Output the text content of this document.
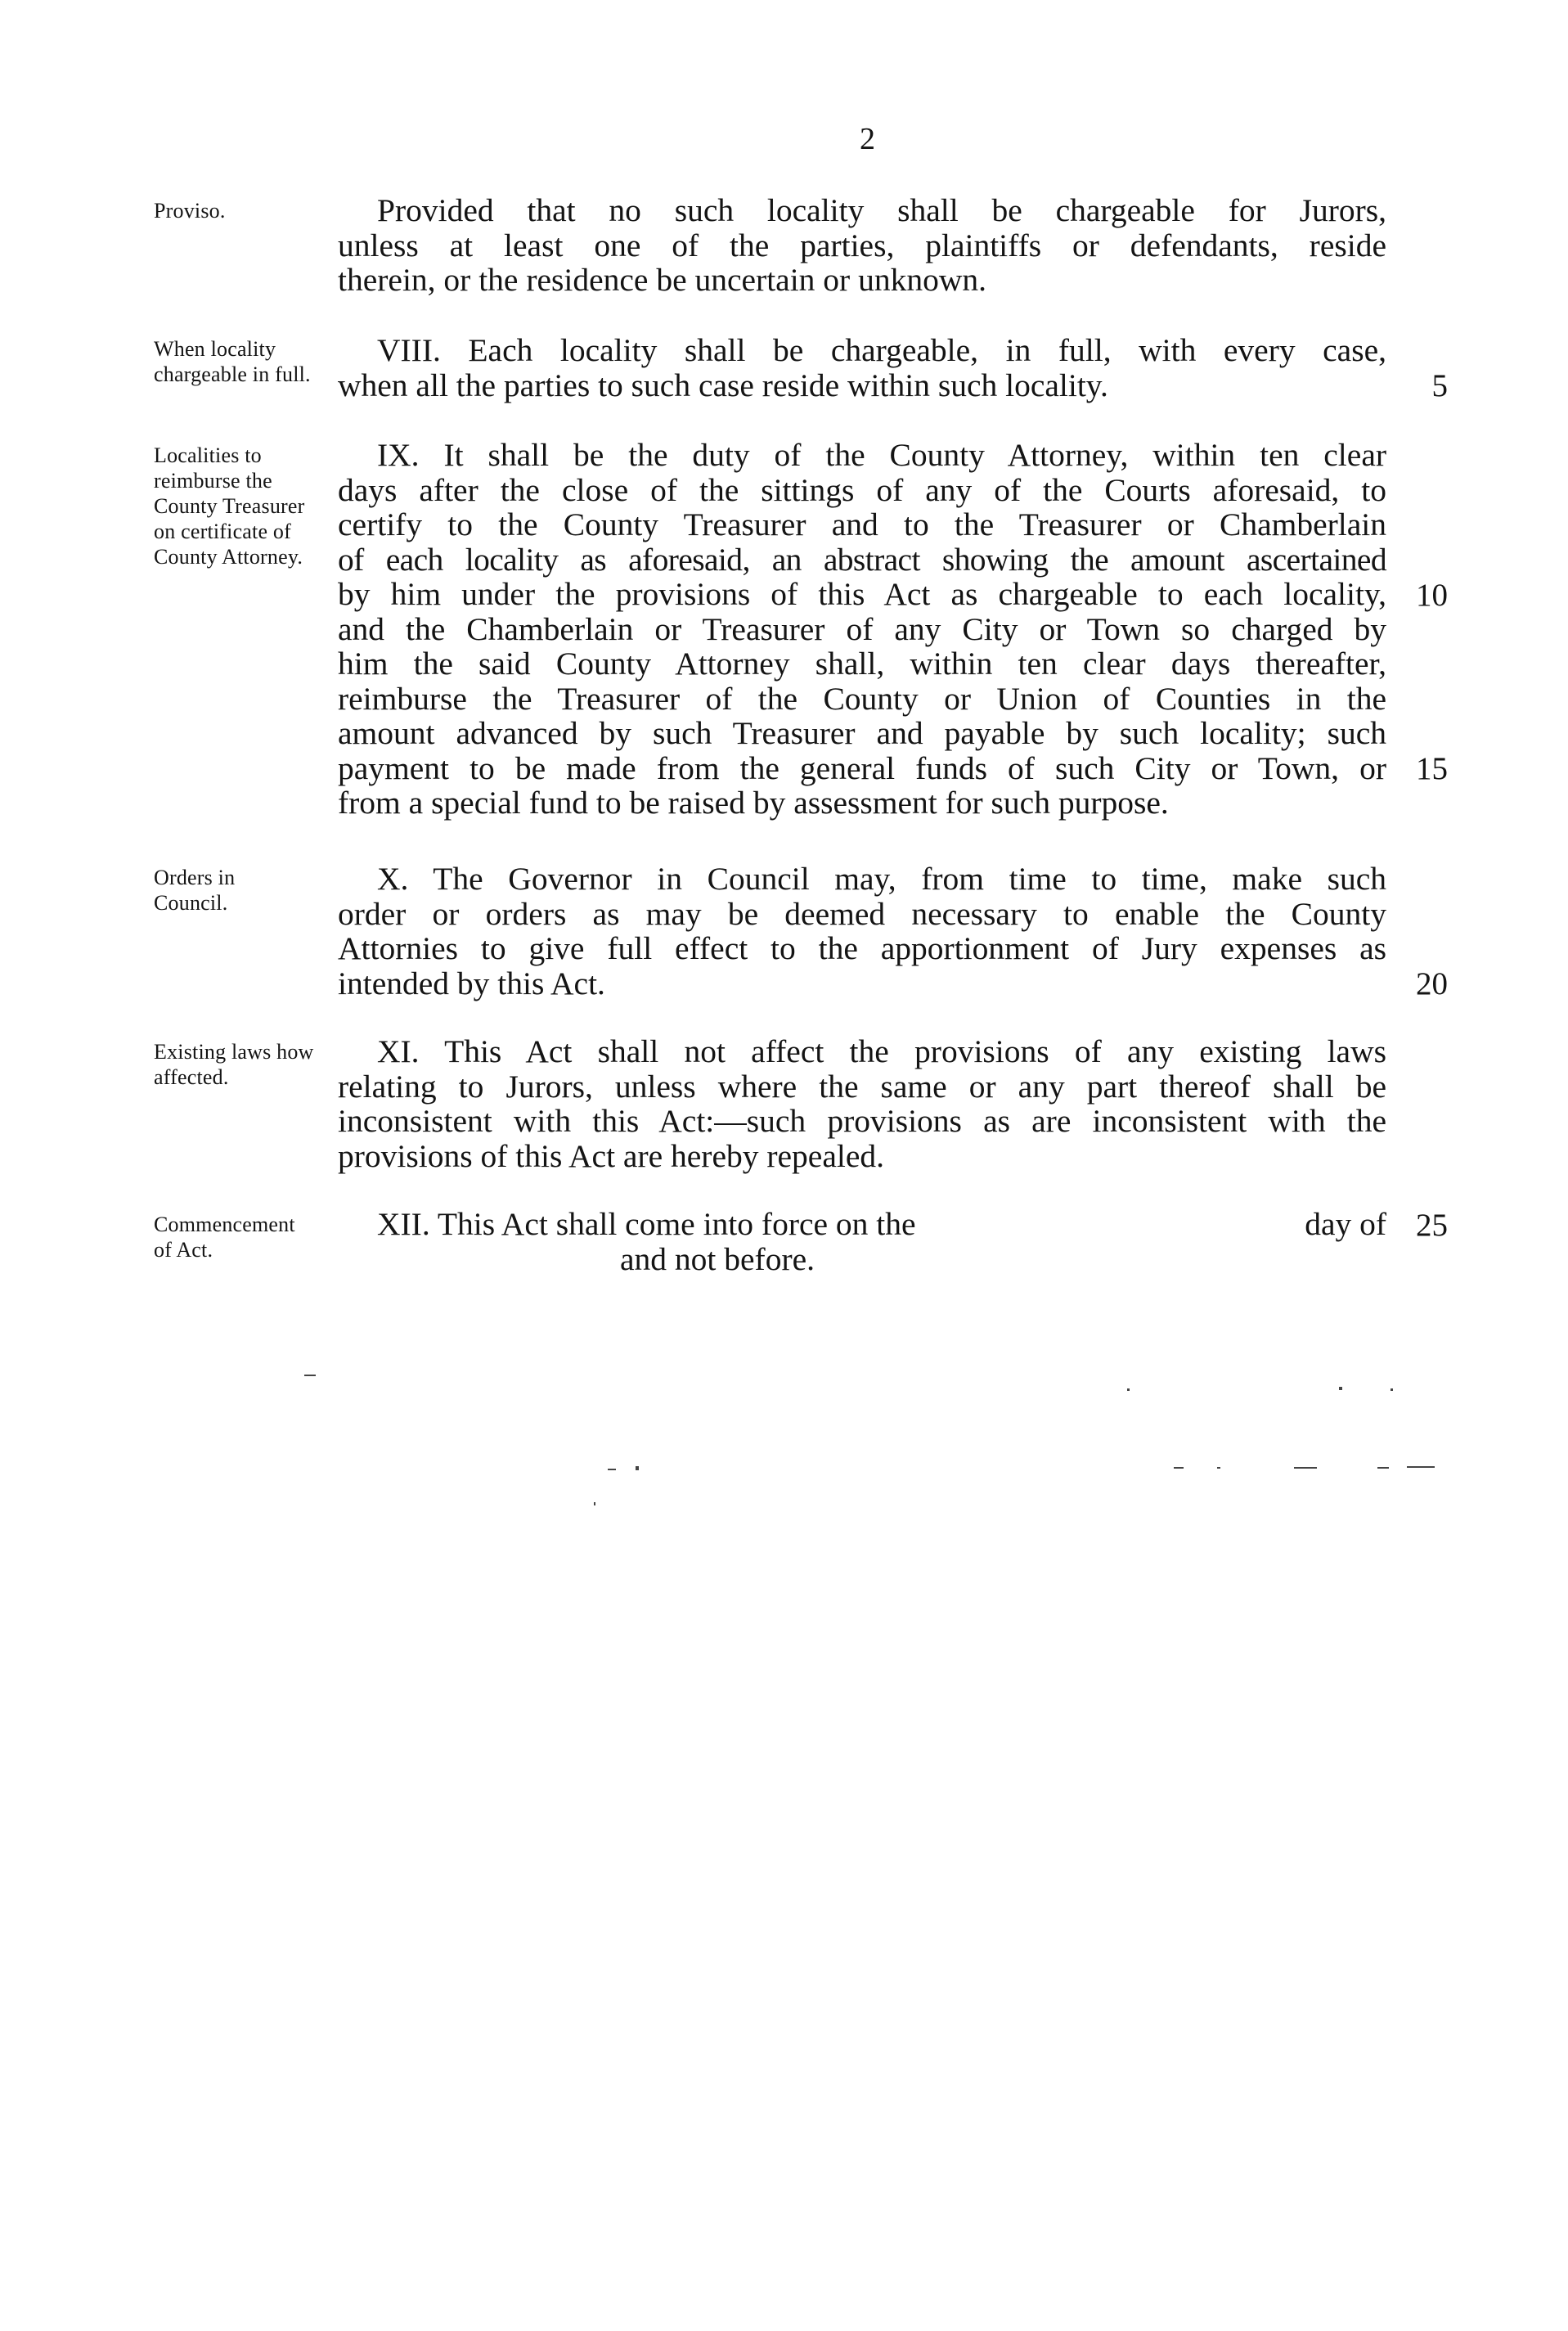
2
Proviso.	Provided that no such locality shall be chargeable for Jurors,
unless at least one of the parties, plaintiffs or defendants, reside
therein, or the residence be uncertain or unknown.
When locality chargeable in full.
VIII. Each locality shall be chargeable, in full, with every case,
when all the parties to such case reside within such locality.	5
Localities to reimburse the County Treasurer on certificate of County Attorney.
IX. It shall be the duty of the County Attorney, within ten clear
days after the close of the sittings of any of the Courts aforesaid, to
certify to the County Treasurer and to the Treasurer or Chamberlain
of each locality as aforesaid, an abstract showing the amount ascertained
by him under the provisions of this Act as chargeable to each locality,
and the Chamberlain or Treasurer of any City or Town so charged by
him the said County Attorney shall, within ten clear days thereafter,
reimburse the Treasurer of the County or Union of Counties in the
amount advanced by such Treasurer and payable by such locality; such
payment to be made from the general funds of such City or Town, or
from a special fund to be raised by assessment for such purpose.
10
15
Orders in Council.
X. The Governor in Council may, from time to time, make such
order or orders as may be deemed necessary to enable the County
Attornies to give full effect to the apportionment of Jury expenses as
intended by this Act.	20
Existing laws how affected.
XI. This Act shall not affect the provisions of any existing laws
relating to Jurors, unless where the same or any part thereof shall be
inconsistent with this Act:—such provisions as are inconsistent with the
provisions of this Act are hereby repealed.
Commencement of Act.
XII. This Act shall come into force on the	day of
and not before.
25
